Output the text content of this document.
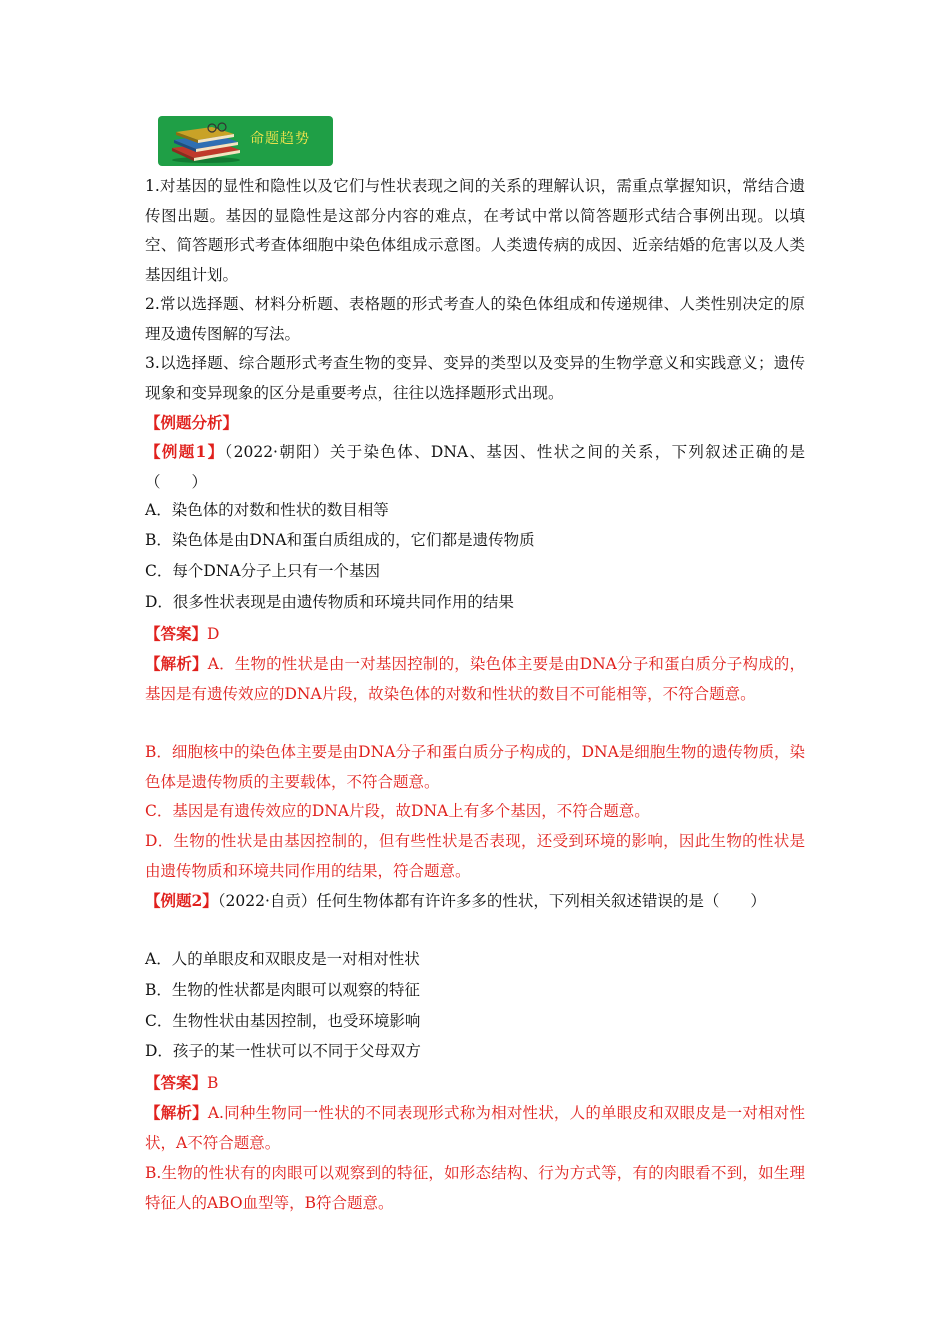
命题趋势
1.对基因的显性和隐性以及它们与性状表现之间的关系的理解认识，需重点掌握知识，常结合遗传图出题。基因的显隐性是这部分内容的难点，在考试中常以简答题形式结合事例出现。以填空、简答题形式考查体细胞中染色体组成示意图。人类遗传病的成因、近亲结婚的危害以及人类基因组计划。
2.常以选择题、材料分析题、表格题的形式考查人的染色体组成和传递规律、人类性别决定的原理及遗传图解的写法。
3.以选择题、综合题形式考查生物的变异、变异的类型以及变异的生物学意义和实践意义；遗传现象和变异现象的区分是重要考点，往往以选择题形式出现。
【例题分析】
【例题1】（2022·朝阳）关于染色体、DNA、基因、性状之间的关系，下列叙述正确的是（　　）
A．染色体的对数和性状的数目相等
B．染色体是由DNA和蛋白质组成的，它们都是遗传物质
C．每个DNA分子上只有一个基因
D．很多性状表现是由遗传物质和环境共同作用的结果
【答案】D
【解析】A．生物的性状是由一对基因控制的，染色体主要是由DNA分子和蛋白质分子构成的，基因是有遗传效应的DNA片段，故染色体的对数和性状的数目不可能相等，不符合题意。
B．细胞核中的染色体主要是由DNA分子和蛋白质分子构成的，DNA是细胞生物的遗传物质，染色体是遗传物质的主要载体，不符合题意。
C．基因是有遗传效应的DNA片段，故DNA上有多个基因，不符合题意。
D．生物的性状是由基因控制的，但有些性状是否表现，还受到环境的影响，因此生物的性状是由遗传物质和环境共同作用的结果，符合题意。
【例题2】（2022·自贡）任何生物体都有许许多多的性状，下列相关叙述错误的是（　　）
A．人的单眼皮和双眼皮是一对相对性状
B．生物的性状都是肉眼可以观察的特征
C．生物性状由基因控制，也受环境影响
D．孩子的某一性状可以不同于父母双方
【答案】B
【解析】A.同种生物同一性状的不同表现形式称为相对性状，人的单眼皮和双眼皮是一对相对性状，A不符合题意。
B.生物的性状有的肉眼可以观察到的特征，如形态结构、行为方式等，有的肉眼看不到，如生理特征人的ABO血型等，B符合题意。
